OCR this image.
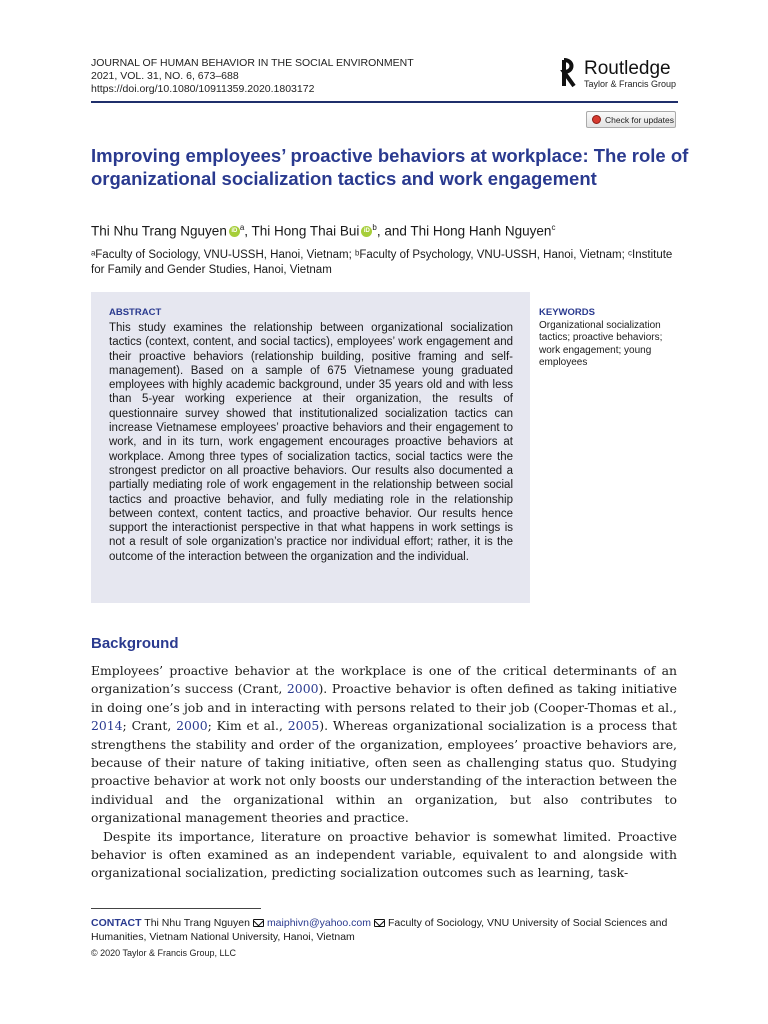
JOURNAL OF HUMAN BEHAVIOR IN THE SOCIAL ENVIRONMENT
2021, VOL. 31, NO. 6, 673–688
https://doi.org/10.1080/10911359.2020.1803172
Routledge
Taylor & Francis Group
Check for updates
Improving employees’ proactive behaviors at workplace: The role of organizational socialization tactics and work engagement
Thi Nhu Trang Nguyen iD $^a$, Thi Hong Thai Bui iD $^b$, and Thi Hong Hanh Nguyen$^c$
ᵃFaculty of Sociology, VNU-USSH, Hanoi, Vietnam; ᵇFaculty of Psychology, VNU-USSH, Hanoi, Vietnam; ᶜInstitute for Family and Gender Studies, Hanoi, Vietnam
ABSTRACT
This study examines the relationship between organizational socialization tactics (context, content, and social tactics), employees’ work engagement and their proactive behaviors (relationship building, positive framing and self-management). Based on a sample of 675 Vietnamese young graduated employees with highly academic background, under 35 years old and with less than 5-year working experience at their organization, the results of questionnaire survey showed that institutionalized socialization tactics can increase Vietnamese employees’ proactive behaviors and their engagement to work, and in its turn, work engagement encourages proactive behaviors at workplace. Among three types of socialization tactics, social tactics were the strongest predictor on all proactive behaviors. Our results also documented a partially mediating role of work engagement in the relationship between social tactics and proactive behavior, and fully mediating role in the relationship between context, content tactics, and proactive behavior. Our results hence support the interactionist perspective in that what happens in work settings is not a result of sole organization’s practice nor individual effort; rather, it is the outcome of the interaction between the organization and the individual.
KEYWORDS
Organizational socialization tactics; proactive behaviors; work engagement; young employees
Background

Employees’ proactive behavior at the workplace is one of the critical determinants of an organization’s success (Crant, 2000). Proactive behavior is often defined as taking initiative in doing one’s job and in interacting with persons related to their job (Cooper-Thomas et al., 2014; Crant, 2000; Kim et al., 2005). Whereas organizational socialization is a process that strengthens the stability and order of the organization, employees’ proactive behaviors are, because of their nature of taking initiative, often seen as challenging status quo. Studying proactive behavior at work not only boosts our understanding of the interaction between the individual and the organizational within an organization, but also contributes to organizational management theories and practice.

Despite its importance, literature on proactive behavior is somewhat limited. Proactive behavior is often examined as an independent variable, equivalent to and alongside with organizational socialization, predicting socialization outcomes such as learning, task-

CONTACT Thi Nhu Trang Nguyen maiphivn@yahoo.com Faculty of Sociology, VNU University of Social Sciences and Humanities, Vietnam National University, Hanoi, Vietnam
© 2020 Taylor & Francis Group, LLC
